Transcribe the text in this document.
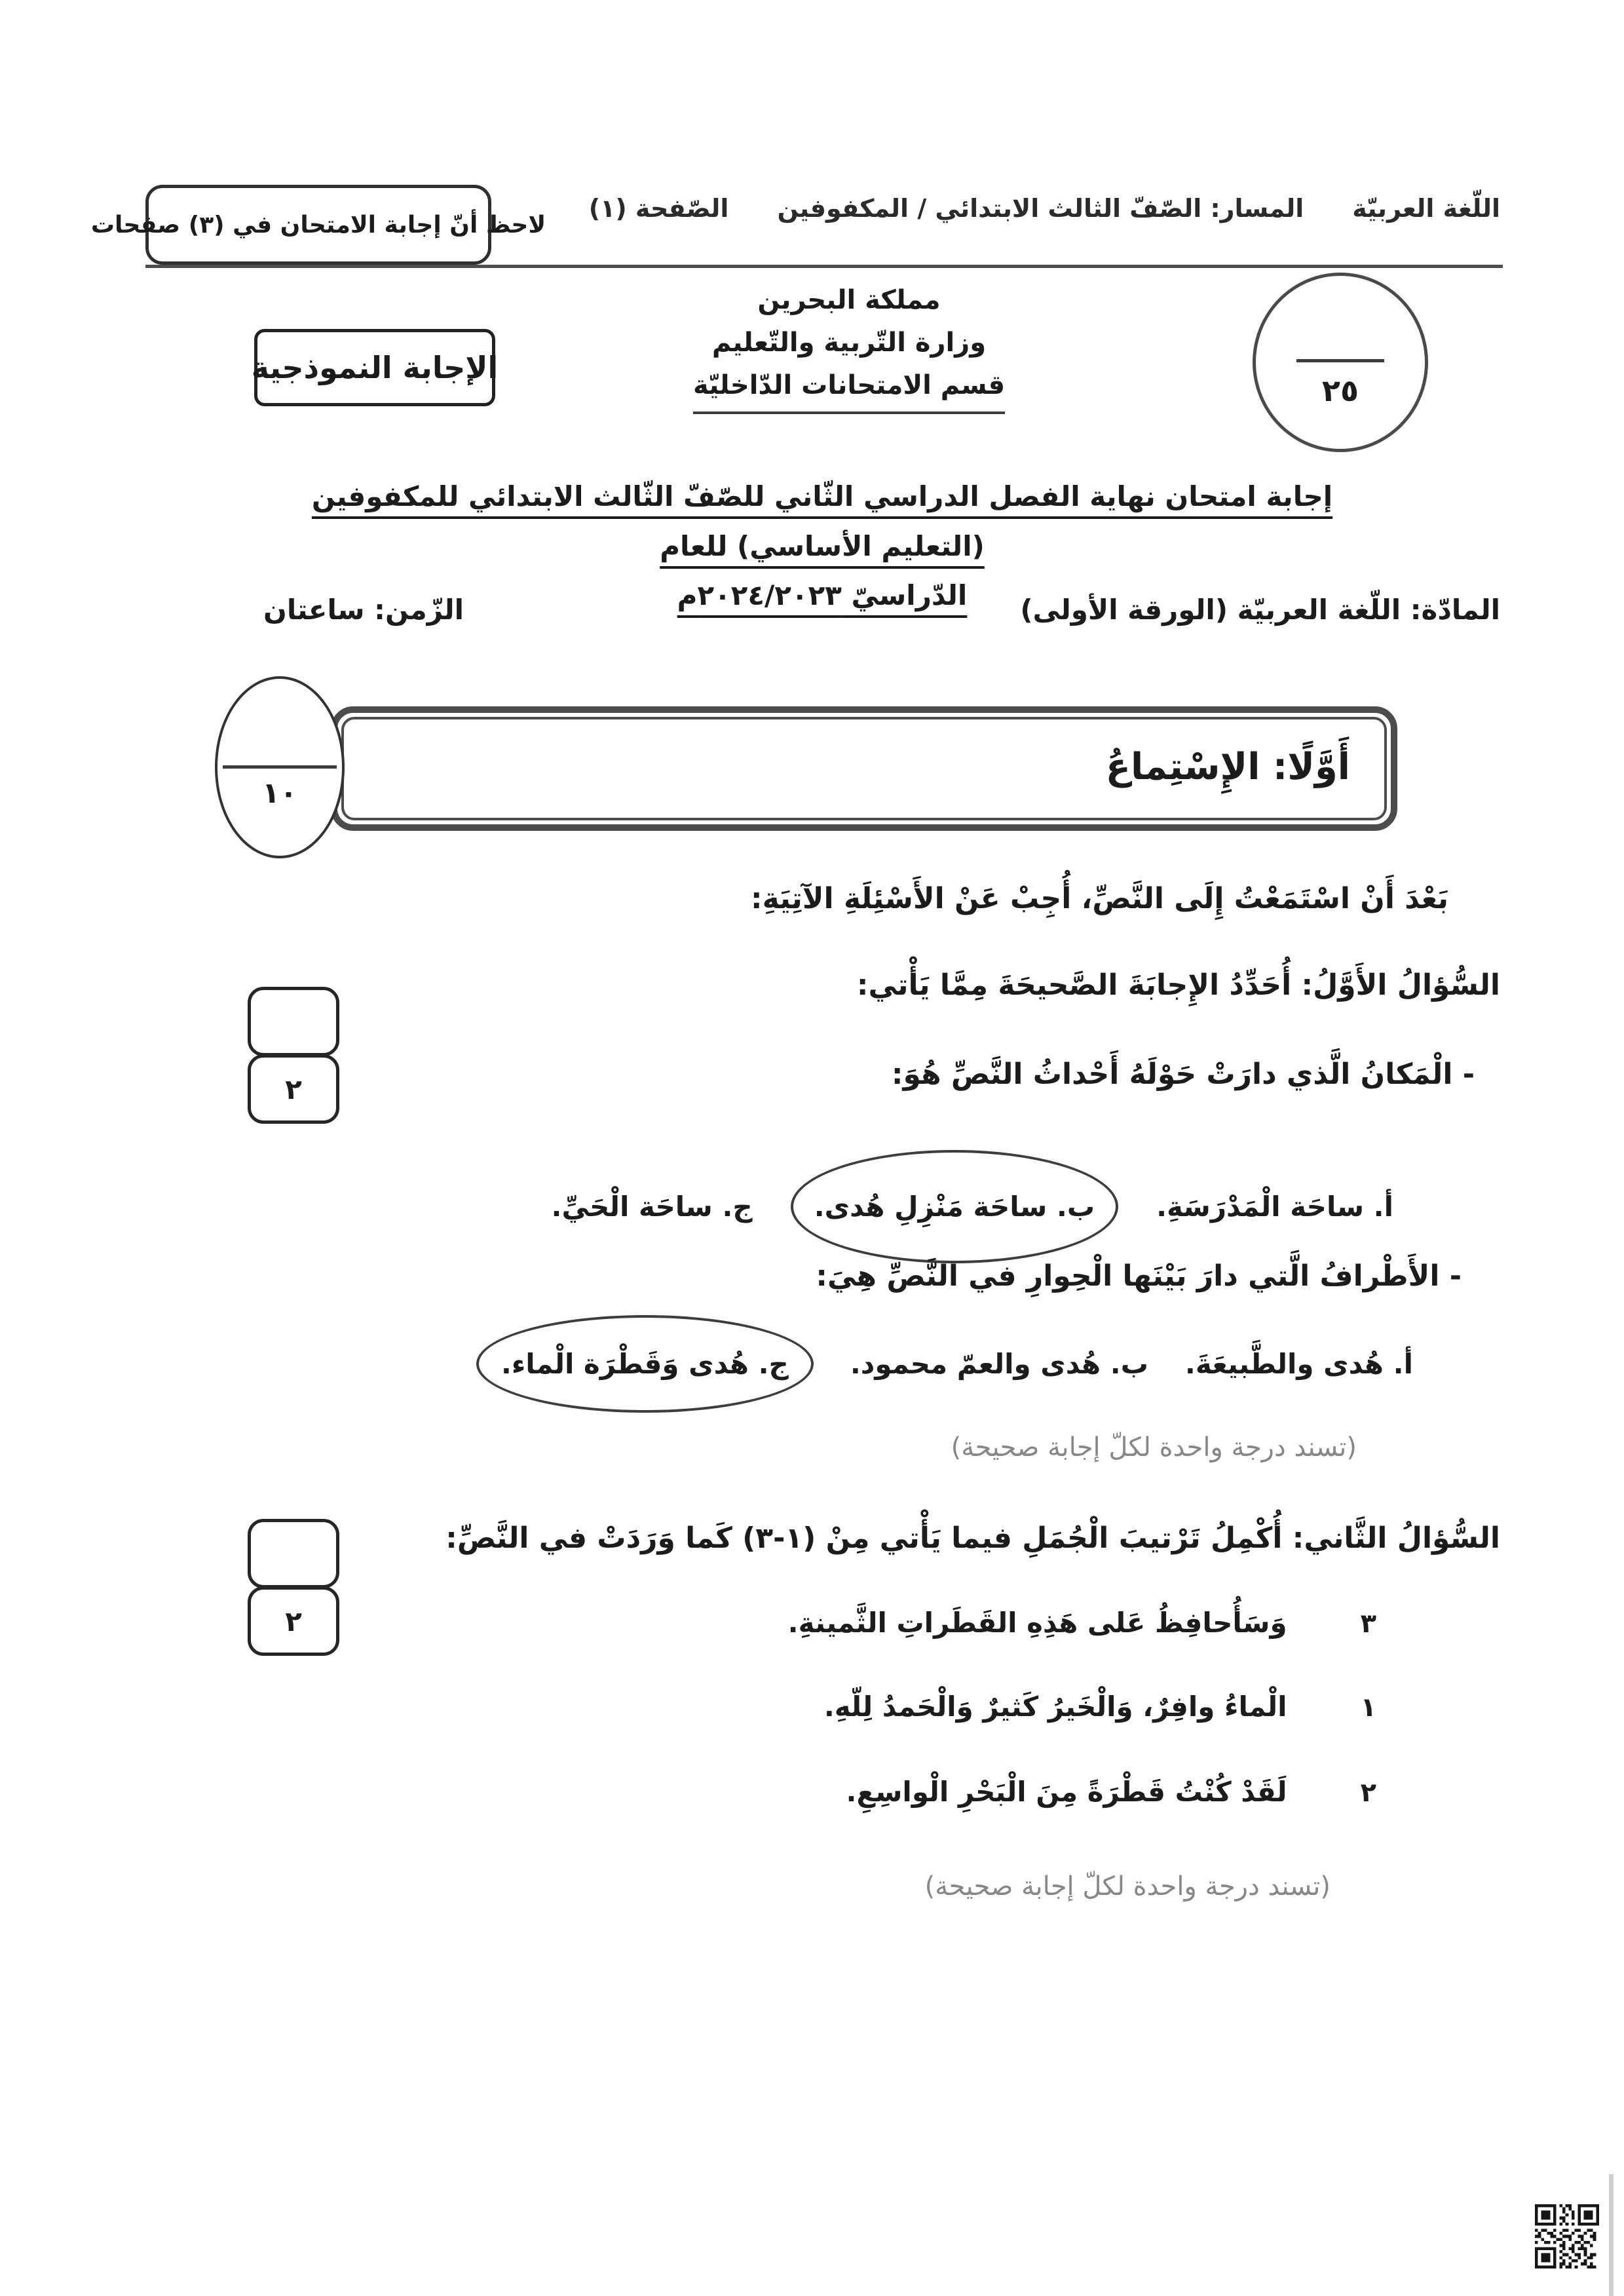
اللّغة العربيّة
المسار: الصّفّ الثالث الابتدائي / المكفوفين
الصّفحة (١)
لاحظ أنّ إجابة الامتحان في (٣) صفحات
مملكة البحرين
وزارة التّربية والتّعليم
قسم الامتحانات الدّاخليّة	٢٥
الإجابة النموذجية
إجابة امتحان نهاية الفصل الدراسي الثّاني للصّفّ الثّالث الابتدائي للمكفوفين (التعليم الأساسي) للعام
الدّراسيّ ٢٠٢٤/٢٠٢٣م	المادّة: اللّغة العربيّة (الورقة الأولى)
الزّمن: ساعتان
أَوَّلًا: الإِسْتِماعُ
١٠
بَعْدَ أَنْ اسْتَمَعْتُ إِلَى النَّصِّ، أُجِبْ عَنْ الأَسْئِلَةِ الآتِيَةِ:
السُّؤالُ الأَوَّلُ: أُحَدِّدُ الإِجابَةَ الصَّحيحَةَ مِمَّا يَأْتي:
٢	- الْمَكانُ الَّذي دارَتْ حَوْلَهُ أَحْداثُ النَّصِّ هُوَ:
أ. ساحَة الْمَدْرَسَةِ.
ب. ساحَة مَنْزِلِ هُدى.
ج. ساحَة الْحَيِّ.
- الأَطْرافُ الَّتي دارَ بَيْنَها الْحِوارِ في النَّصِّ هِيَ:
أ. هُدى والطَّبيعَةَ.
ب. هُدى والعمّ محمود.
ج. هُدى وَقَطْرَة الْماء.
(تسند درجة واحدة لكلّ إجابة صحيحة)
السُّؤالُ الثَّاني: أُكْمِلُ تَرْتيبَ الْجُمَلِ فيما يَأْتي مِنْ (١-٣) كَما وَرَدَتْ في النَّصِّ:
٢	٣
وَسَأُحافِظُ عَلى هَذِهِ القَطَراتِ الثَّمينةِ.
١
الْماءُ وافِرٌ، وَالْخَيرُ كَثيرٌ وَالْحَمدُ لِلّهِ.
٢
لَقَدْ كُنْتُ قَطْرَةً مِنَ الْبَحْرِ الْواسِعِ.
(تسند درجة واحدة لكلّ إجابة صحيحة)
